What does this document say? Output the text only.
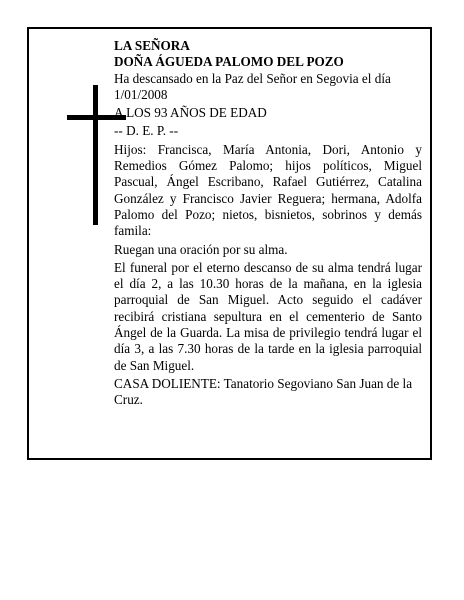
LA SEÑORA

DOÑA ÁGUEDA PALOMO DEL POZO

Ha descansado en la Paz del Señor en Segovia el día 1/01/2008

A LOS 93 AÑOS DE EDAD

-- D. E. P. --

Hijos: Francisca, María Antonia, Dori, Antonio y Remedios Gómez Palomo; hijos políticos, Miguel Pascual, Ángel Escribano, Rafael Gutiérrez, Catalina González y Francisco Javier Reguera; hermana, Adolfa Palomo del Pozo; nietos, bisnietos, sobrinos y demás famila:

Ruegan una oración por su alma.

El funeral por el eterno descanso de su alma tendrá lugar el día 2, a las 10.30 horas de la mañana, en la iglesia parroquial de San Miguel. Acto seguido el cadáver recibirá cristiana sepultura en el cementerio de Santo Ángel de la Guarda. La misa de privilegio tendrá lugar el día 3, a las 7.30 horas de la tarde en la iglesia parroquial de San Miguel.

CASA DOLIENTE: Tanatorio Segoviano San Juan de la Cruz.
